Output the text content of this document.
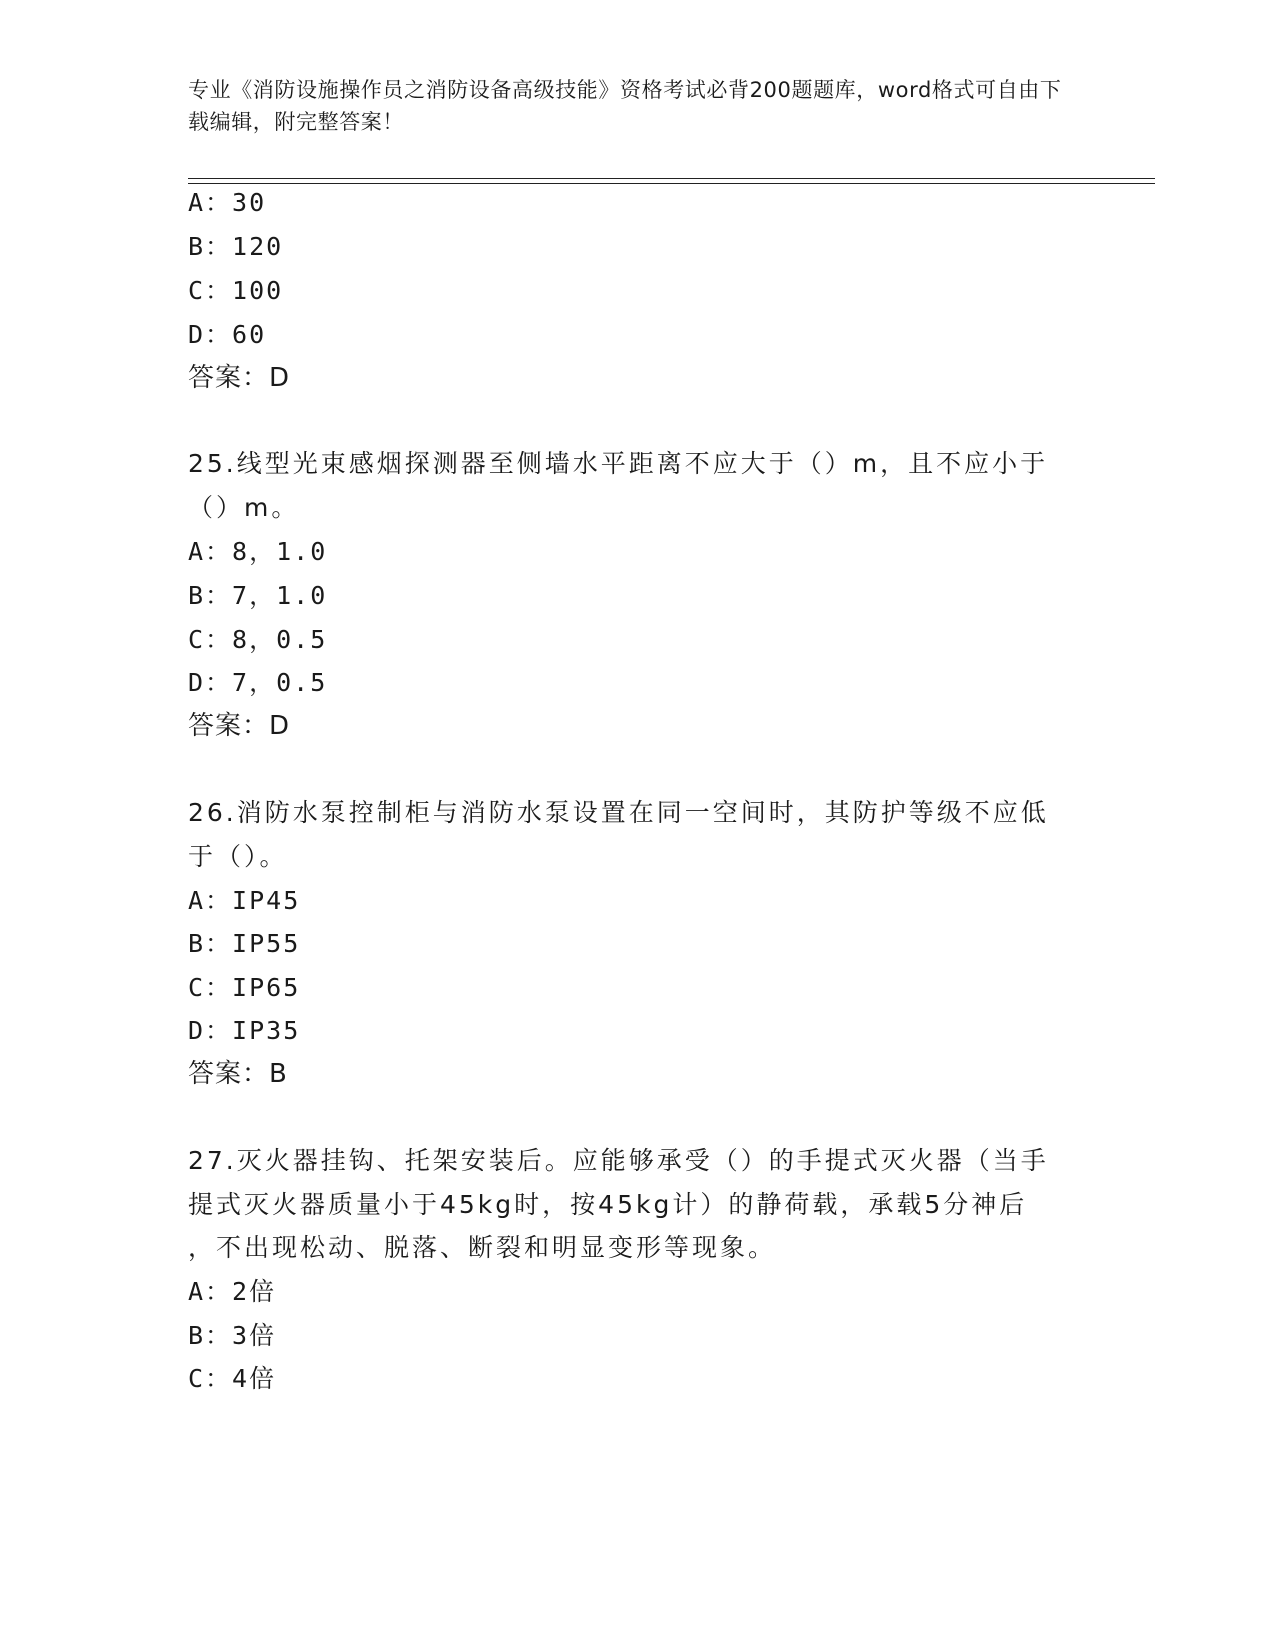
专业《消防设施操作员之消防设备高级技能》资格考试必背200题题库，word格式可自由下载编辑，附完整答案！
A：30
B：120
C：100
D：60
答案：D
25.线型光束感烟探测器至侧墙水平距离不应大于（）m，且不应小于
（）m。
A：8，1.0
B：7，1.0
C：8，0.5
D：7，0.5
答案：D
26.消防水泵控制柜与消防水泵设置在同一空间时，其防护等级不应低
于（）。
A：IP45
B：IP55
C：IP65
D：IP35
答案：B
27.灭火器挂钩、托架安装后。应能够承受（）的手提式灭火器（当手
提式灭火器质量小于45kg时，按45kg计）的静荷载，承载5分神后
，不出现松动、脱落、断裂和明显变形等现象。
A：2倍
B：3倍
C：4倍
